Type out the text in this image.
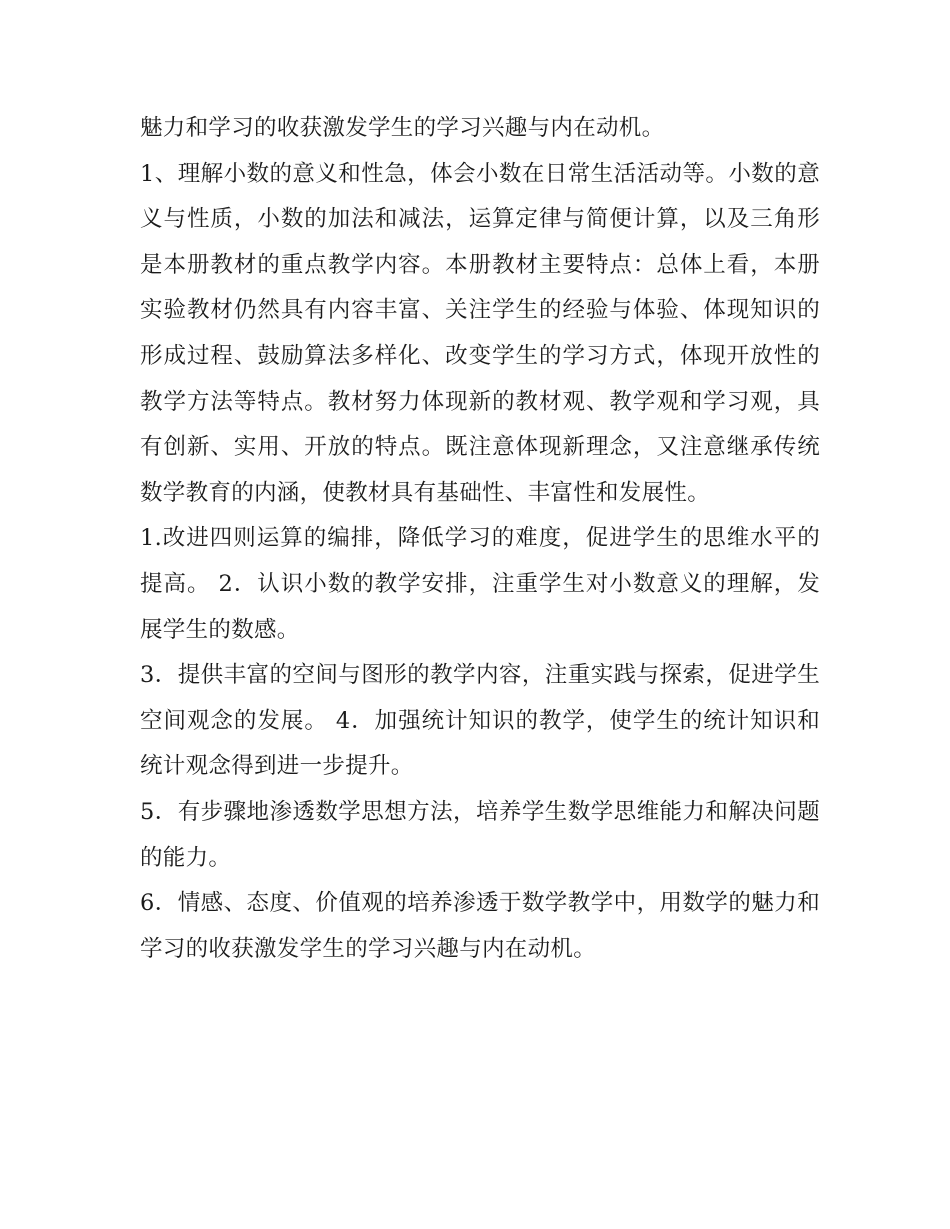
魅力和学习的收获激发学生的学习兴趣与内在动机。

1、理解小数的意义和性急，体会小数在日常生活活动等。小数的意义与性质，小数的加法和减法，运算定律与简便计算，以及三角形是本册教材的重点教学内容。本册教材主要特点：总体上看，本册实验教材仍然具有内容丰富、关注学生的经验与体验、体现知识的形成过程、鼓励算法多样化、改变学生的学习方式，体现开放性的教学方法等特点。教材努力体现新的教材观、教学观和学习观，具有创新、实用、开放的特点。既注意体现新理念，又注意继承传统数学教育的内涵，使教材具有基础性、丰富性和发展性。

1.改进四则运算的编排，降低学习的难度，促进学生的思维水平的提高。 2．认识小数的教学安排，注重学生对小数意义的理解，发展学生的数感。

3．提供丰富的空间与图形的教学内容，注重实践与探索，促进学生空间观念的发展。 4．加强统计知识的教学，使学生的统计知识和统计观念得到进一步提升。

5．有步骤地渗透数学思想方法，培养学生数学思维能力和解决问题的能力。

6．情感、态度、价值观的培养渗透于数学教学中，用数学的魅力和学习的收获激发学生的学习兴趣与内在动机。
